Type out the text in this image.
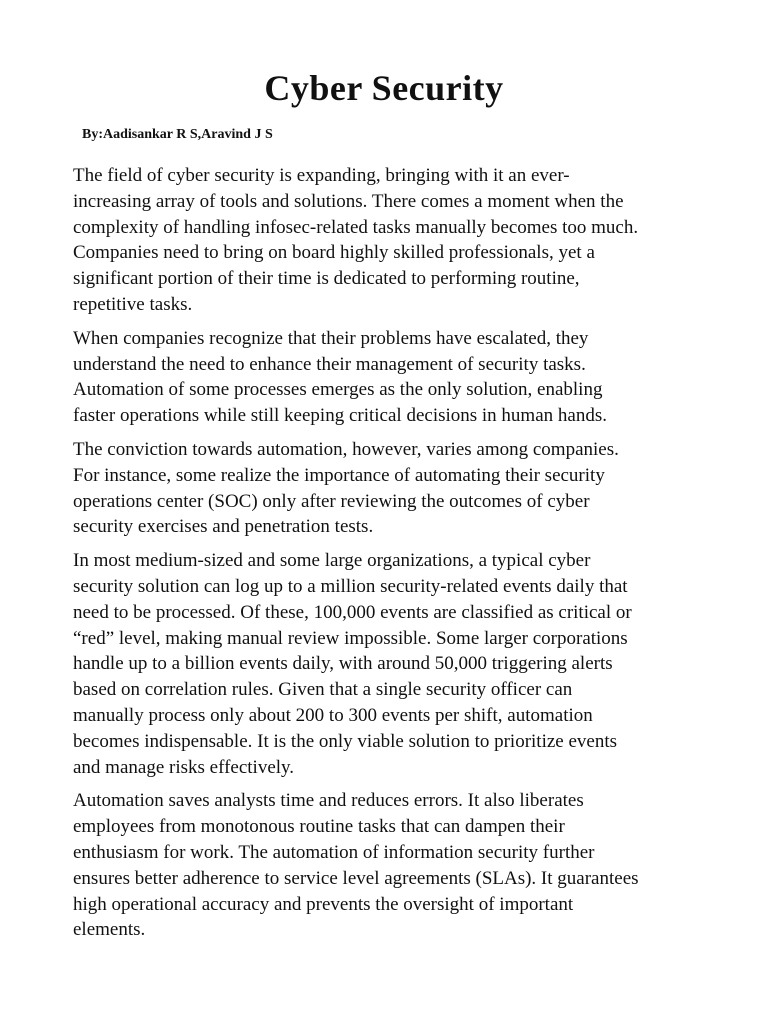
Cyber Security

By:Aadisankar R S,Aravind J S

The field of cyber security is expanding, bringing with it an ever-
increasing array of tools and solutions. There comes a moment when the
complexity of handling infosec-related tasks manually becomes too much.
Companies need to bring on board highly skilled professionals, yet a
significant portion of their time is dedicated to performing routine,
repetitive tasks.

When companies recognize that their problems have escalated, they
understand the need to enhance their management of security tasks.
Automation of some processes emerges as the only solution, enabling
faster operations while still keeping critical decisions in human hands.

The conviction towards automation, however, varies among companies.
For instance, some realize the importance of automating their security
operations center (SOC) only after reviewing the outcomes of cyber
security exercises and penetration tests.

In most medium-sized and some large organizations, a typical cyber
security solution can log up to a million security-related events daily that
need to be processed. Of these, 100,000 events are classified as critical or
“red” level, making manual review impossible. Some larger corporations
handle up to a billion events daily, with around 50,000 triggering alerts
based on correlation rules. Given that a single security officer can
manually process only about 200 to 300 events per shift, automation
becomes indispensable. It is the only viable solution to prioritize events
and manage risks effectively.

Automation saves analysts time and reduces errors. It also liberates
employees from monotonous routine tasks that can dampen their
enthusiasm for work. The automation of information security further
ensures better adherence to service level agreements (SLAs). It guarantees
high operational accuracy and prevents the oversight of important
elements.
